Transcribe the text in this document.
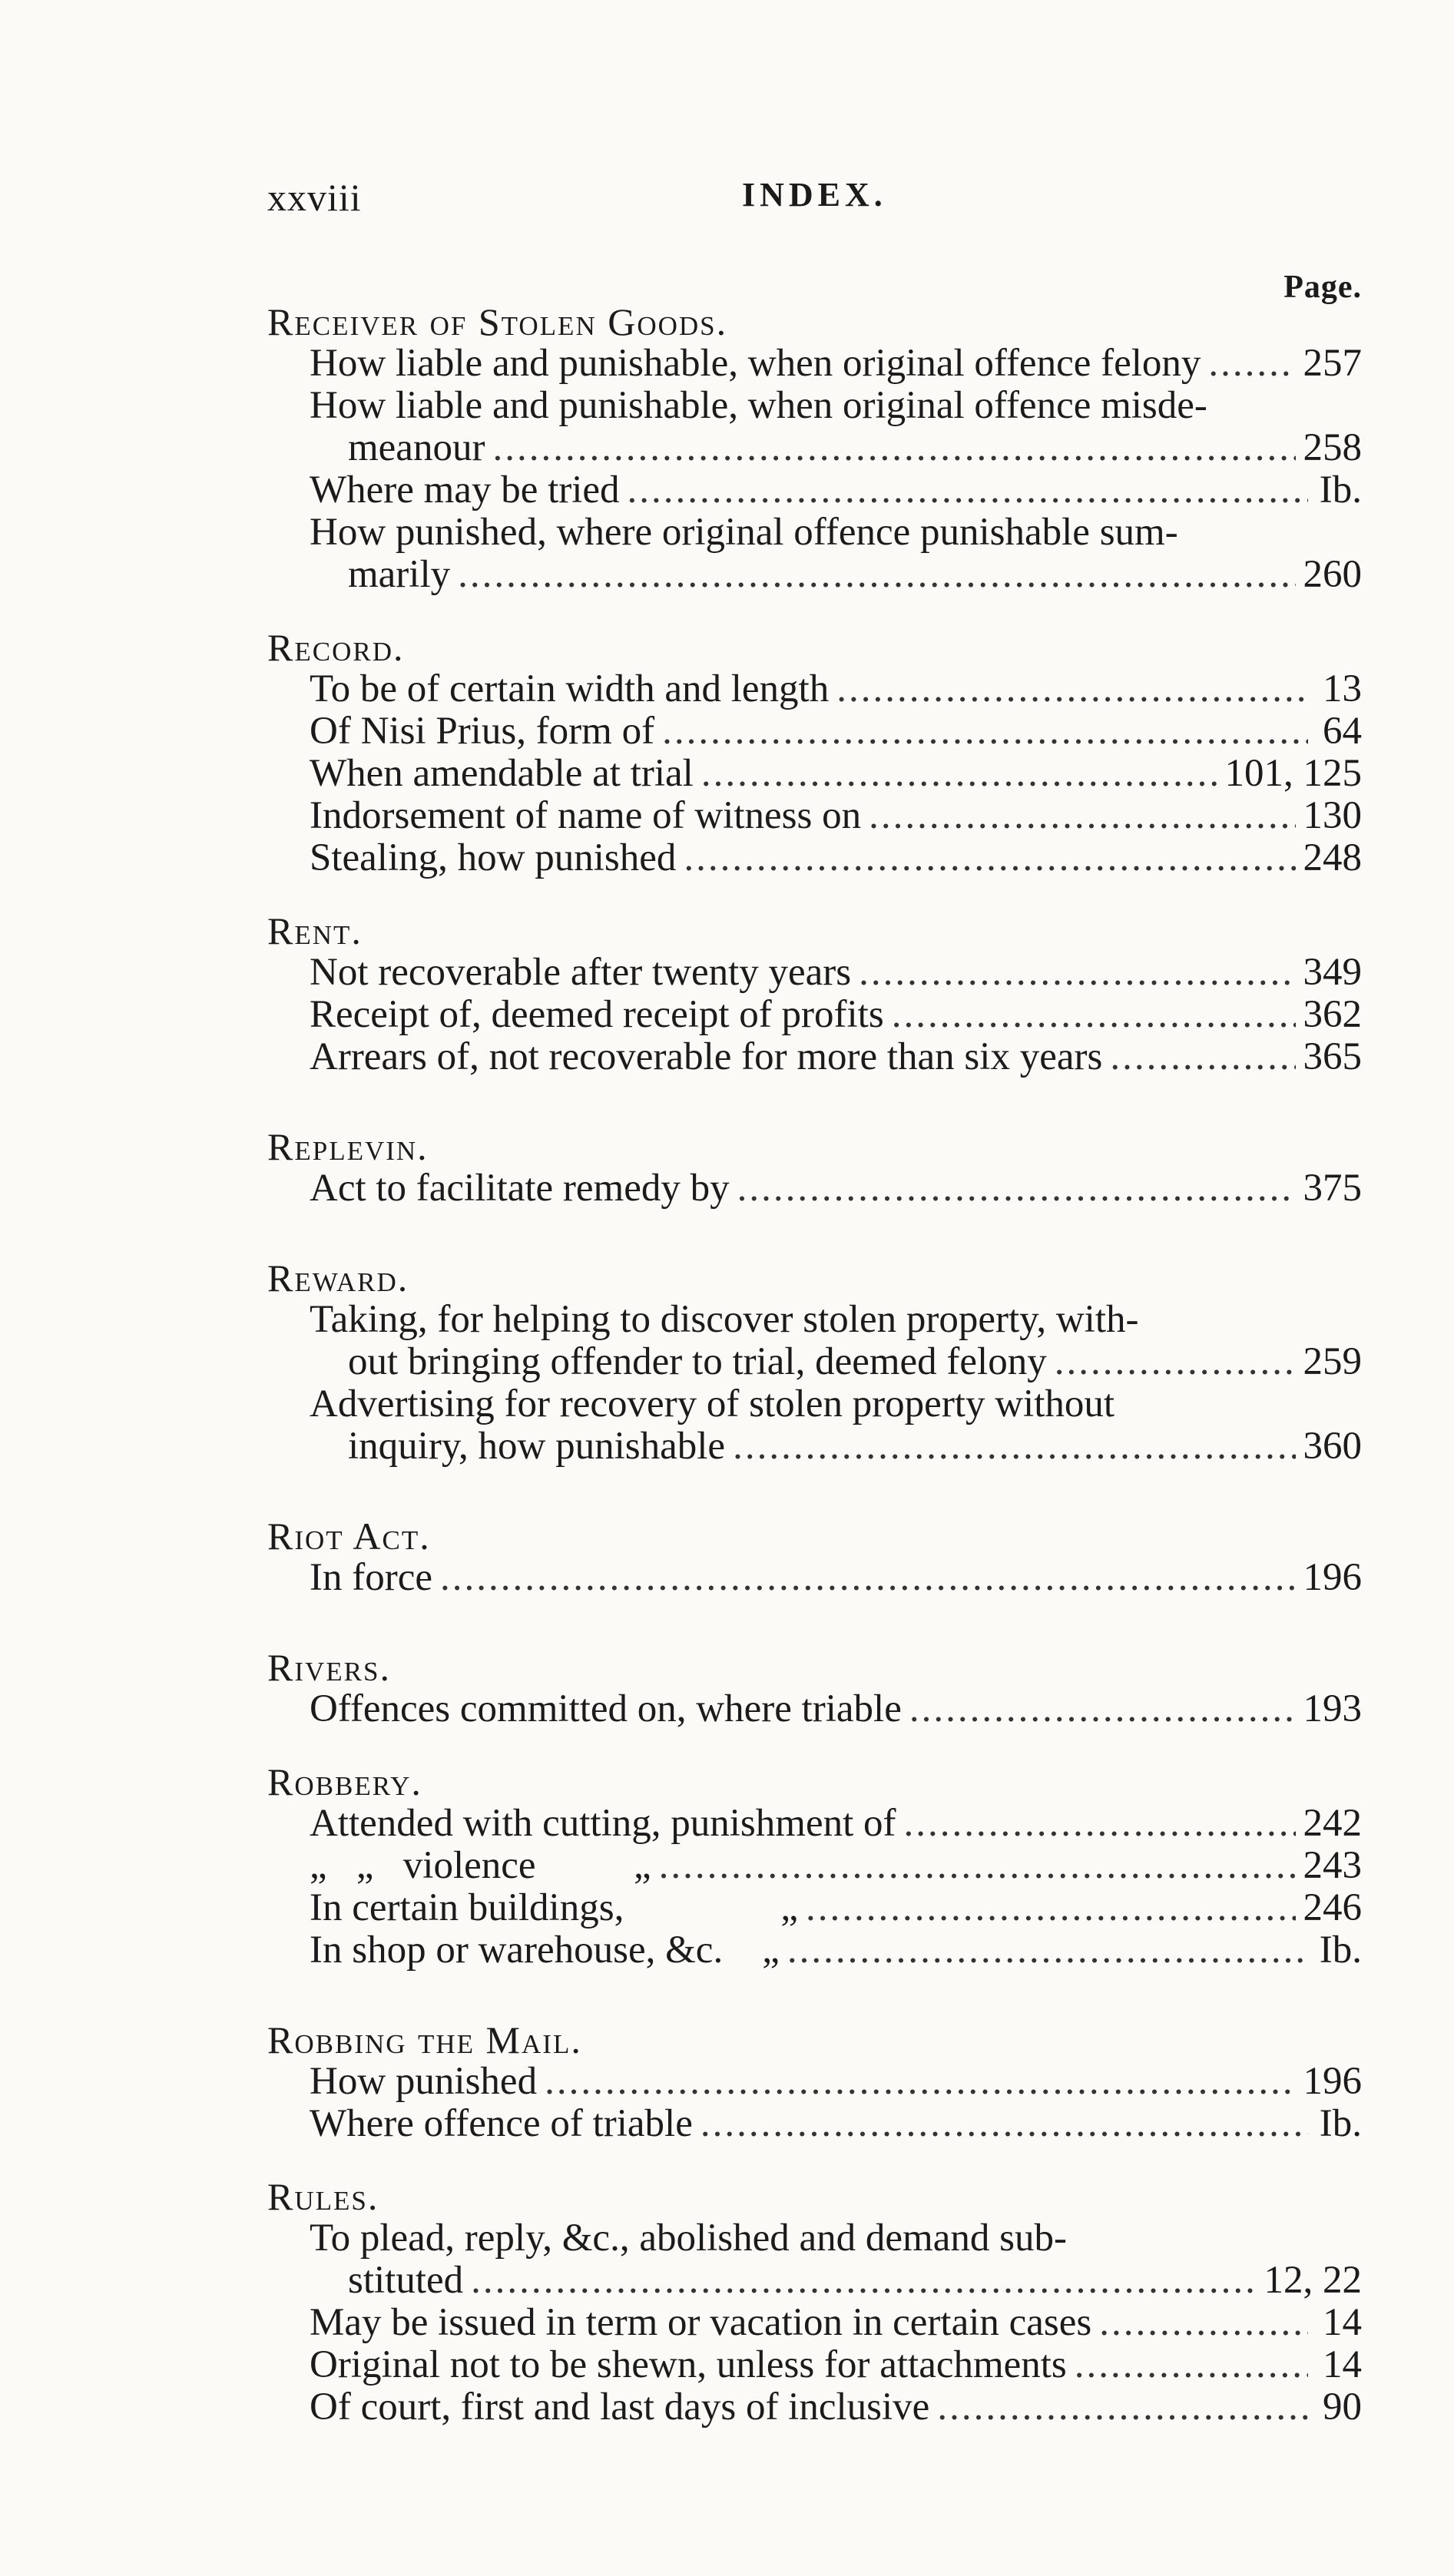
xxviii	INDEX.
Page.
Receiver of Stolen Goods.
How liable and punishable, when original offence felony .....	257
How liable and punishable, when original offence misde-
meanour .....	258
Where may be tried .....	Ib.
How punished, where original offence punishable sum-
marily .....	260
Record.
To be of certain width and length .....	13
Of Nisi Prius, form of .....	64
When amendable at trial .....	101, 125
Indorsement of name of witness on .....	130
Stealing, how punished .....	248
Rent.
Not recoverable after twenty years .....	349
Receipt of, deemed receipt of profits .....	362
Arrears of, not recoverable for more than six years .....	365
Replevin.
Act to facilitate remedy by .....	375
Reward.
Taking, for helping to discover stolen property, with-
out bringing offender to trial, deemed felony .....	259
Advertising for recovery of stolen property without
inquiry, how punishable .....	360
Riot Act.
In force .....	196
Rivers.
Offences committed on, where triable .....	193
Robbery.
Attended with cutting, punishment of .....	242
„   „   violence          „ .....	243
In certain buildings,                „ .....	246
In shop or warehouse, &c.    „ .....	Ib.
Robbing the Mail.
How punished .....	196
Where offence of triable .....	Ib.
Rules.
To plead, reply, &c., abolished and demand sub-
stituted .....	12, 22
May be issued in term or vacation in certain cases .....	14
Original not to be shewn, unless for attachments .....	14
Of court, first and last days of inclusive .....	90
